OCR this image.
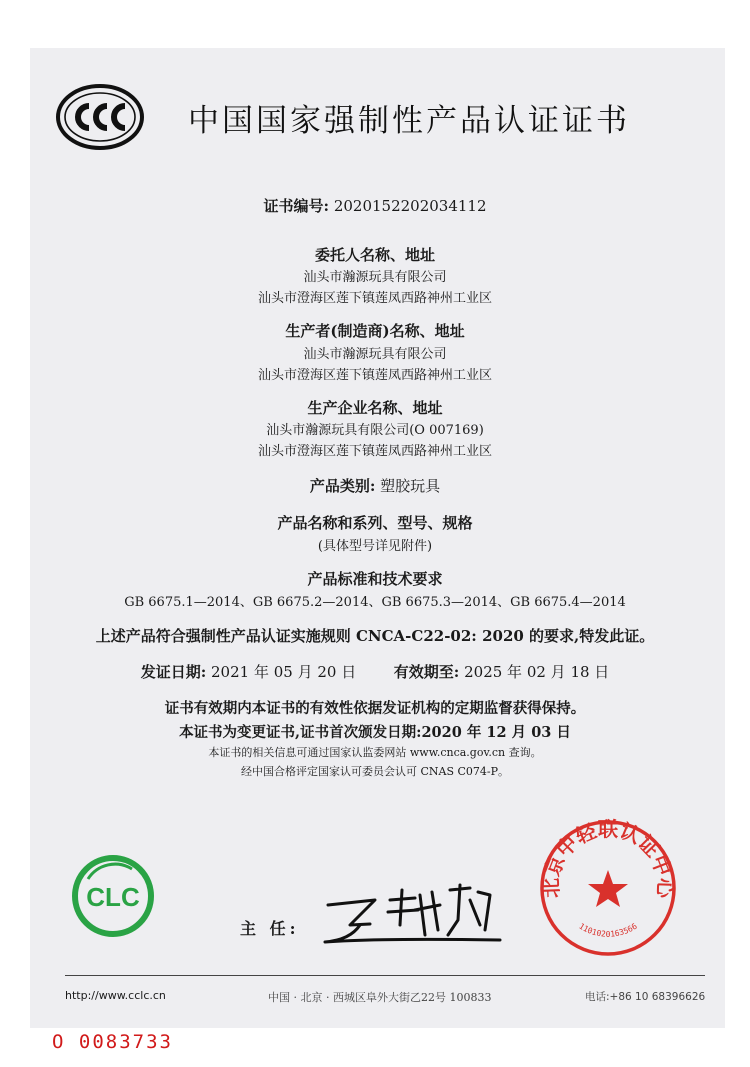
中国国家强制性产品认证证书
证书编号: 2020152202034112
委托人名称、地址
汕头市瀚源玩具有限公司
汕头市澄海区莲下镇莲凤西路神州工业区
生产者(制造商)名称、地址
汕头市瀚源玩具有限公司
汕头市澄海区莲下镇莲凤西路神州工业区
生产企业名称、地址
汕头市瀚源玩具有限公司(O 007169)
汕头市澄海区莲下镇莲凤西路神州工业区
产品类别: 塑胶玩具
产品名称和系列、型号、规格
(具体型号详见附件)
产品标准和技术要求
GB 6675.1—2014、GB 6675.2—2014、GB 6675.3—2014、GB 6675.4—2014
上述产品符合强制性产品认证实施规则 CNCA-C22-02: 2020 的要求,特发此证。
发证日期: 2021 年 05 月 20 日	有效期至: 2025 年 02 月 18 日
证书有效期内本证书的有效性依据发证机构的定期监督获得保持。
本证书为变更证书,证书首次颁发日期:2020 年 12 月 03 日
本证书的相关信息可通过国家认监委网站 www.cnca.gov.cn 查询。
经中国合格评定国家认可委员会认可 CNAS C074-P。
CLC
主 任:
北京中轻联认证中心
1101020163566
http://www.cclc.cn	中国 · 北京 · 西城区阜外大街乙22号 100833	电话:+86 10 68396626
O 0083733
